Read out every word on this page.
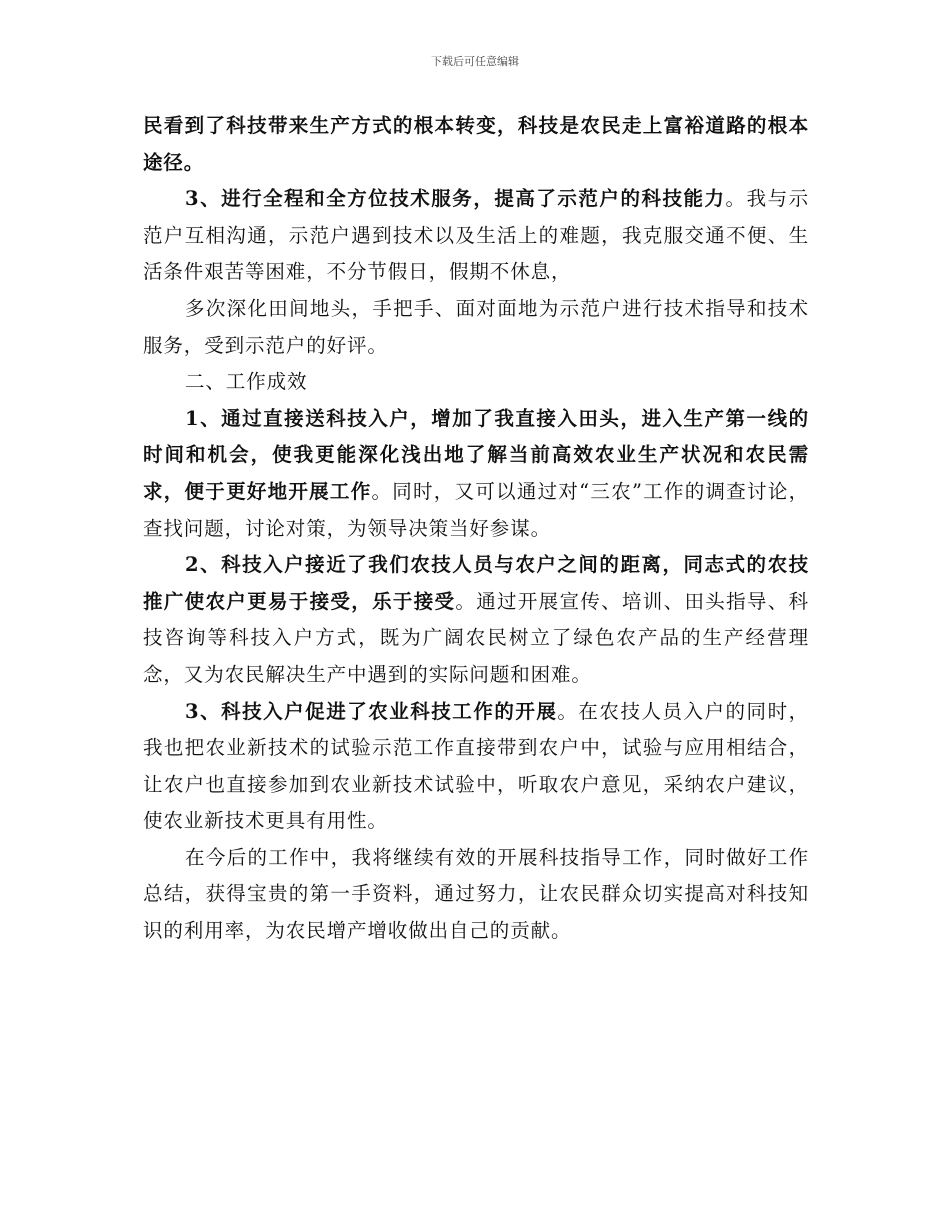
下载后可任意编辑

民看到了科技带来生产方式的根本转变，科技是农民走上富裕道路的根本途径。

3、进行全程和全方位技术服务，提高了示范户的科技能力。我与示范户互相沟通，示范户遇到技术以及生活上的难题，我克服交通不便、生活条件艰苦等困难，不分节假日，假期不休息，

多次深化田间地头，手把手、面对面地为示范户进行技术指导和技术服务，受到示范户的好评。

二、工作成效

1、通过直接送科技入户，增加了我直接入田头，进入生产第一线的时间和机会，使我更能深化浅出地了解当前高效农业生产状况和农民需求，便于更好地开展工作。同时，又可以通过对“三农”工作的调查讨论，查找问题，讨论对策，为领导决策当好参谋。

2、科技入户接近了我们农技人员与农户之间的距离，同志式的农技推广使农户更易于接受，乐于接受。通过开展宣传、培训、田头指导、科技咨询等科技入户方式，既为广阔农民树立了绿色农产品的生产经营理念，又为农民解决生产中遇到的实际问题和困难。

3、科技入户促进了农业科技工作的开展。在农技人员入户的同时，我也把农业新技术的试验示范工作直接带到农户中，试验与应用相结合，让农户也直接参加到农业新技术试验中，听取农户意见，采纳农户建议，使农业新技术更具有用性。

在今后的工作中，我将继续有效的开展科技指导工作，同时做好工作总结，获得宝贵的第一手资料，通过努力，让农民群众切实提高对科技知识的利用率，为农民增产增收做出自己的贡献。
